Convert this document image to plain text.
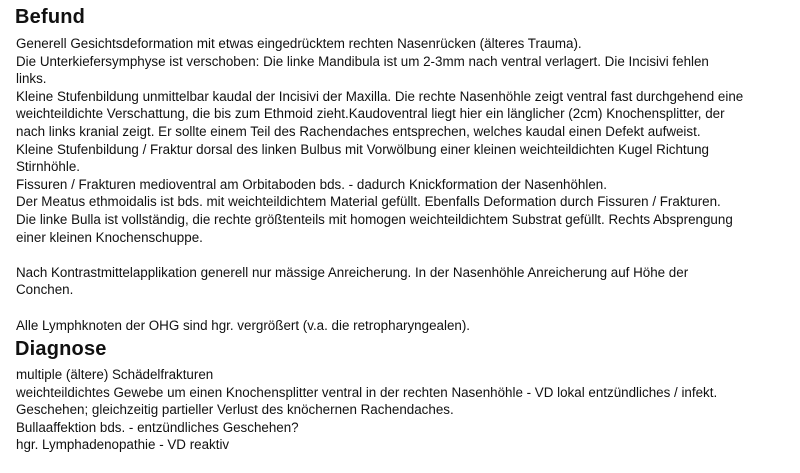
Befund
Generell Gesichtsdeformation mit etwas eingedrücktem rechten Nasenrücken (älteres Trauma).
Die Unterkiefersymphyse ist verschoben: Die linke Mandibula ist um 2-3mm nach ventral verlagert. Die Incisivi fehlen
links.
Kleine Stufenbildung unmittelbar kaudal der Incisivi der Maxilla. Die rechte Nasenhöhle zeigt ventral fast durchgehend eine
weichteildichte Verschattung, die bis zum Ethmoid zieht.Kaudoventral liegt hier ein länglicher (2cm) Knochensplitter, der
nach links kranial zeigt. Er sollte einem Teil des Rachendaches entsprechen, welches kaudal einen Defekt aufweist.
Kleine Stufenbildung / Fraktur dorsal des linken Bulbus mit Vorwölbung einer kleinen weichteildichten Kugel Richtung
Stirnhöhle.
Fissuren / Frakturen medioventral am Orbitaboden bds. - dadurch Knickformation der Nasenhöhlen.
Der Meatus ethmoidalis ist bds. mit weichteildichtem Material gefüllt. Ebenfalls Deformation durch Fissuren / Frakturen.
Die linke Bulla ist vollständig, die rechte größtenteils mit homogen weichteildichtem Substrat gefüllt. Rechts Absprengung
einer kleinen Knochenschuppe.
Nach Kontrastmittelapplikation generell nur mässige Anreicherung. In der Nasenhöhle Anreicherung auf Höhe der
Conchen.
Alle Lymphknoten der OHG sind hgr. vergrößert (v.a. die retropharyngealen).
Diagnose
multiple (ältere) Schädelfrakturen
weichteildichtes Gewebe um einen Knochensplitter ventral in der rechten Nasenhöhle - VD lokal entzündliches / infekt.
Geschehen; gleichzeitig partieller Verlust des knöchernen Rachendaches.
Bullaaffektion bds. - entzündliches Geschehen?
hgr. Lymphadenopathie - VD reaktiv
